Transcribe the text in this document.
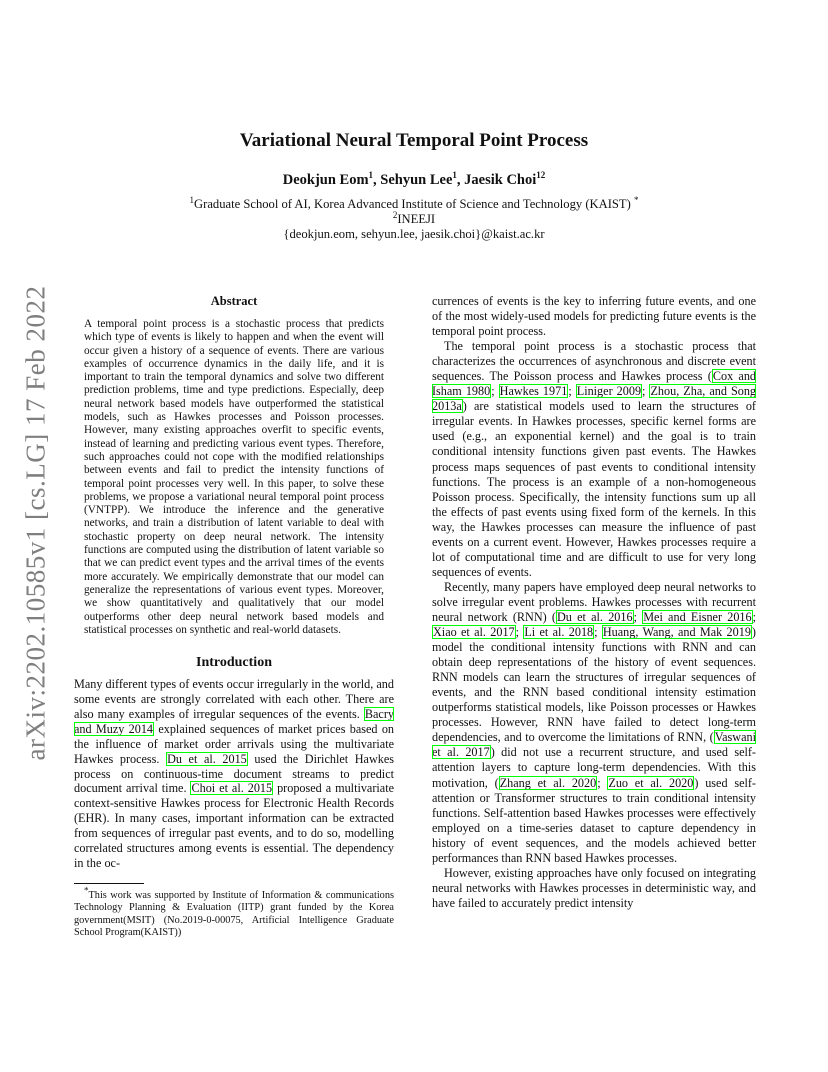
arXiv:2202.10585v1 [cs.LG] 17 Feb 2022
Variational Neural Temporal Point Process
Deokjun Eom$^1$, Sehyun Lee$^1$, Jaesik Choi$^{12}$
$^1$Graduate School of AI, Korea Advanced Institute of Science and Technology (KAIST) *
$^2$INEEJI
{deokjun.eom, sehyun.lee, jaesik.choi}@kaist.ac.kr
Abstract

A temporal point process is a stochastic process that predicts which type of events is likely to happen and when the event will occur given a history of a sequence of events. There are various examples of occurrence dynamics in the daily life, and it is important to train the temporal dynamics and solve two different prediction problems, time and type predictions. Especially, deep neural network based models have outperformed the statistical models, such as Hawkes processes and Poisson processes. However, many existing approaches overfit to specific events, instead of learning and predicting various event types. Therefore, such approaches could not cope with the modified relationships between events and fail to predict the intensity functions of temporal point processes very well. In this paper, to solve these problems, we propose a variational neural temporal point process (VNTPP). We introduce the inference and the generative networks, and train a distribution of latent variable to deal with stochastic property on deep neural network. The intensity functions are computed using the distribution of latent variable so that we can predict event types and the arrival times of the events more accurately. We empirically demonstrate that our model can generalize the representations of various event types. Moreover, we show quantitatively and qualitatively that our model outperforms other deep neural network based models and statistical processes on synthetic and real-world datasets.

Introduction

Many different types of events occur irregularly in the world, and some events are strongly correlated with each other. There are also many examples of irregular sequences of the events. Bacry and Muzy 2014 explained sequences of market prices based on the influence of market order arrivals using the multivariate Hawkes process. Du et al. 2015 used the Dirichlet Hawkes process on continuous-time document streams to predict document arrival time. Choi et al. 2015 proposed a multivariate context-sensitive Hawkes process for Electronic Health Records (EHR). In many cases, important information can be extracted from sequences of irregular past events, and to do so, modelling correlated structures among events is essential. The dependency in the oc-

*This work was supported by Institute of Information & communications Technology Planning & Evaluation (IITP) grant funded by the Korea government(MSIT) (No.2019-0-00075, Artificial Intelligence Graduate School Program(KAIST))

currences of events is the key to inferring future events, and one of the most widely-used models for predicting future events is the temporal point process.

The temporal point process is a stochastic process that characterizes the occurrences of asynchronous and discrete event sequences. The Poisson process and Hawkes process (Cox and Isham 1980; Hawkes 1971; Liniger 2009; Zhou, Zha, and Song 2013a) are statistical models used to learn the structures of irregular events. In Hawkes processes, specific kernel forms are used (e.g., an exponential kernel) and the goal is to train conditional intensity functions given past events. The Hawkes process maps sequences of past events to conditional intensity functions. The process is an example of a non-homogeneous Poisson process. Specifically, the intensity functions sum up all the effects of past events using fixed form of the kernels. In this way, the Hawkes processes can measure the influence of past events on a current event. However, Hawkes processes require a lot of computational time and are difficult to use for very long sequences of events.

Recently, many papers have employed deep neural networks to solve irregular event problems. Hawkes processes with recurrent neural network (RNN) (Du et al. 2016; Mei and Eisner 2016; Xiao et al. 2017; Li et al. 2018; Huang, Wang, and Mak 2019) model the conditional intensity functions with RNN and can obtain deep representations of the history of event sequences. RNN models can learn the structures of irregular sequences of events, and the RNN based conditional intensity estimation outperforms statistical models, like Poisson processes or Hawkes processes. However, RNN have failed to detect long-term dependencies, and to overcome the limitations of RNN, (Vaswani et al. 2017) did not use a recurrent structure, and used self-attention layers to capture long-term dependencies. With this motivation, (Zhang et al. 2020; Zuo et al. 2020) used self-attention or Transformer structures to train conditional intensity functions. Self-attention based Hawkes processes were effectively employed on a time-series dataset to capture dependency in history of event sequences, and the models achieved better performances than RNN based Hawkes processes.

However, existing approaches have only focused on integrating neural networks with Hawkes processes in deterministic way, and have failed to accurately predict intensity
